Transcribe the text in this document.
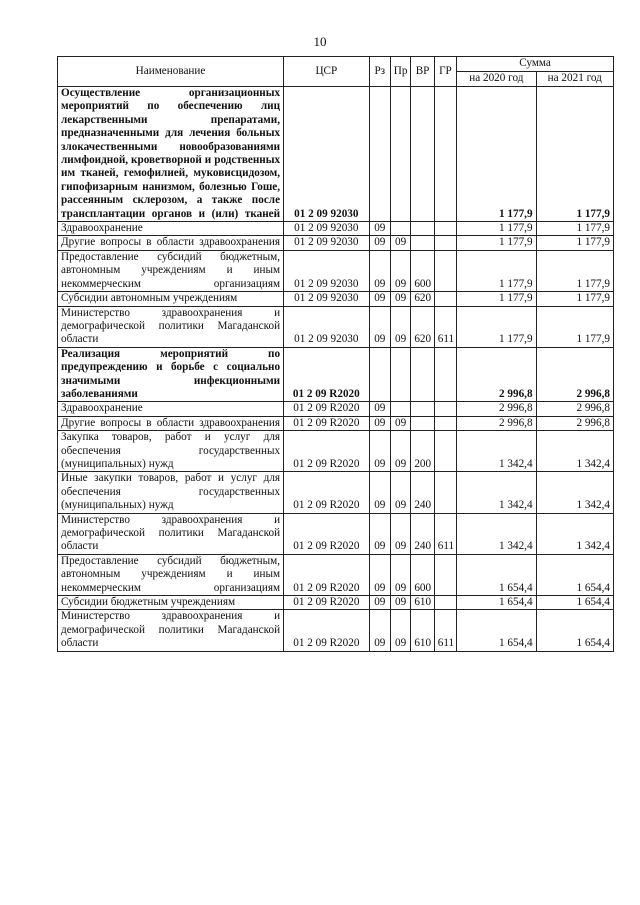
10
Наименование	ЦСР	Рз	Пр	ВР	ГР	Сумма	
						на 2020 год	на 2021 год
Осуществление организационных мероприятий по обеспечению лиц лекарственными препаратами, предназначенными для лечения больных злокачественными новообразованиями лимфоидной, кроветворной и родственных им тканей, гемофилией, муковисцидозом, гипофизарным нанизмом, болезнью Гоше, рассеянным склерозом, а также после трансплантации органов и (или) тканей	01 2 09 92030					1 177,9	1 177,9
Здравоохранение	01 2 09 92030	09				1 177,9	1 177,9
Другие вопросы в области здравоохранения	01 2 09 92030	09	09			1 177,9	1 177,9
Предоставление субсидий бюджетным, автономным учреждениям и иным некоммерческим организациям	01 2 09 92030	09	09	600		1 177,9	1 177,9
Субсидии автономным учреждениям	01 2 09 92030	09	09	620		1 177,9	1 177,9
Министерство здравоохранения и демографической политики Магаданской области	01 2 09 92030	09	09	620	611	1 177,9	1 177,9
Реализация мероприятий по предупреждению и борьбе с социально значимыми инфекционными заболеваниями	01 2 09 R2020					2 996,8	2 996,8
Здравоохранение	01 2 09 R2020	09				2 996,8	2 996,8
Другие вопросы в области здравоохранения	01 2 09 R2020	09	09			2 996,8	2 996,8
Закупка товаров, работ и услуг для обеспечения государственных (муниципальных) нужд	01 2 09 R2020	09	09	200		1 342,4	1 342,4
Иные закупки товаров, работ и услуг для обеспечения государственных (муниципальных) нужд	01 2 09 R2020	09	09	240		1 342,4	1 342,4
Министерство здравоохранения и демографической политики Магаданской области	01 2 09 R2020	09	09	240	611	1 342,4	1 342,4
Предоставление субсидий бюджетным, автономным учреждениям и иным некоммерческим организациям	01 2 09 R2020	09	09	600		1 654,4	1 654,4
Субсидии бюджетным учреждениям	01 2 09 R2020	09	09	610		1 654,4	1 654,4
Министерство здравоохранения и демографической политики Магаданской области	01 2 09 R2020	09	09	610	611	1 654,4	1 654,4
